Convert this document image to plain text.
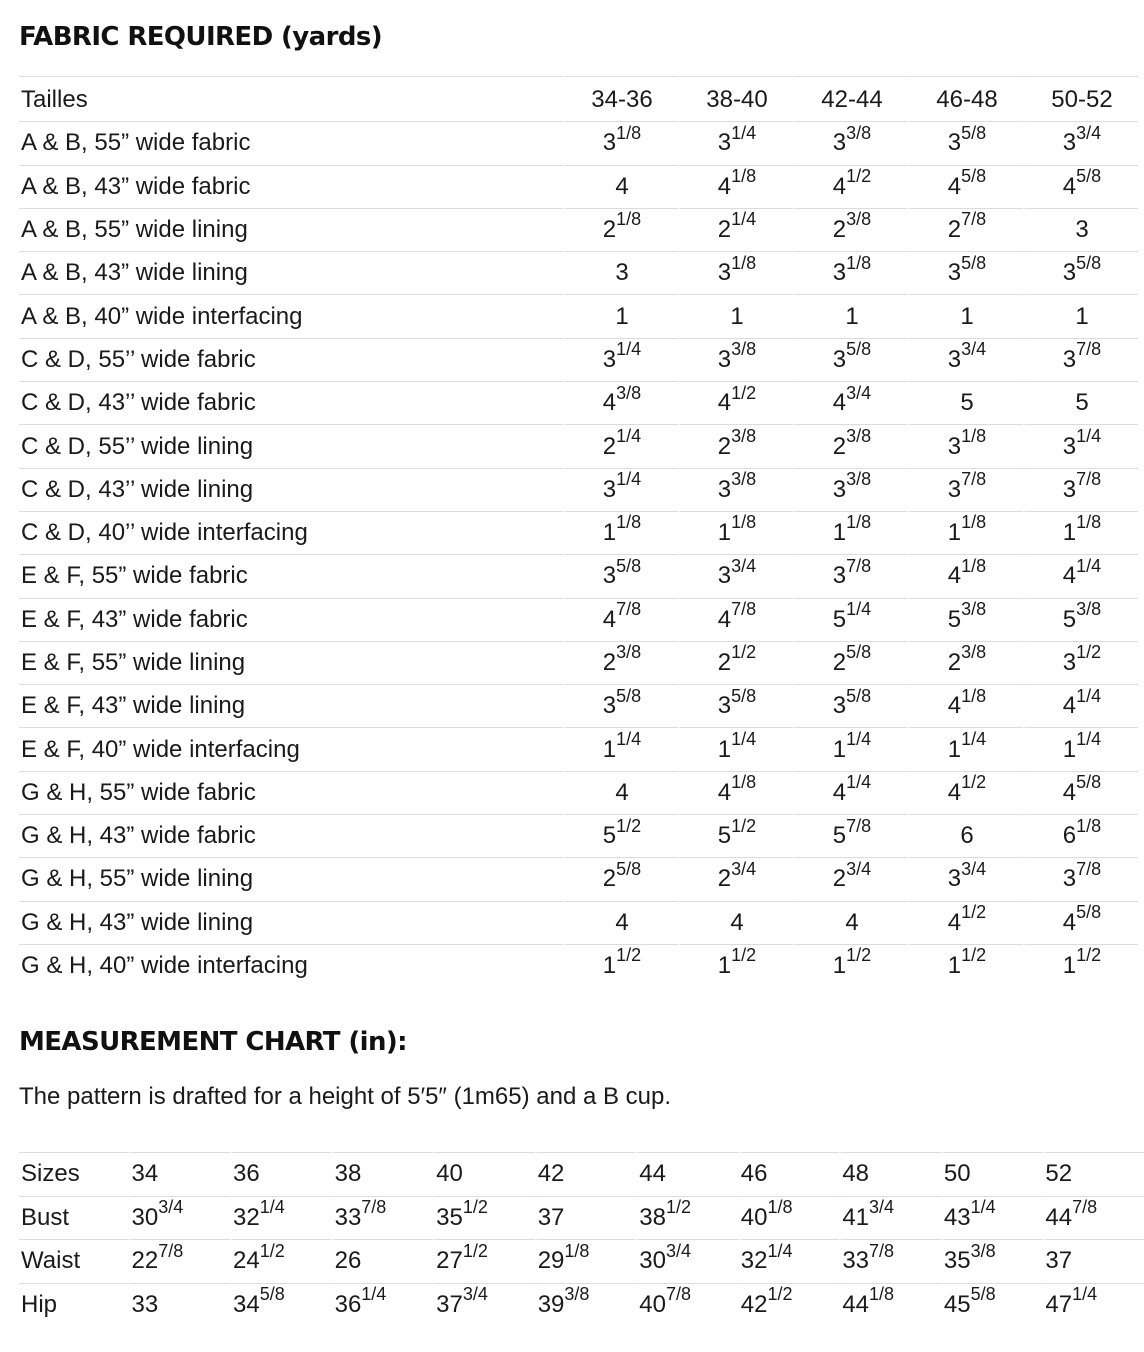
FABRIC REQUIRED (yards)
Tailles	34-36	38-40	42-44	46-48	50-52
A & B, 55” wide fabric	$3^{1/8}$	$3^{1/4}$	$3^{3/8}$	$3^{5/8}$	$3^{3/4}$
A & B, 43” wide fabric	4	$4^{1/8}$	$4^{1/2}$	$4^{5/8}$	$4^{5/8}$
A & B, 55” wide lining	$2^{1/8}$	$2^{1/4}$	$2^{3/8}$	$2^{7/8}$	3
A & B, 43” wide lining	3	$3^{1/8}$	$3^{1/8}$	$3^{5/8}$	$3^{5/8}$
A & B, 40” wide interfacing	1	1	1	1	1
C & D, 55’’ wide fabric	$3^{1/4}$	$3^{3/8}$	$3^{5/8}$	$3^{3/4}$	$3^{7/8}$
C & D, 43’’ wide fabric	$4^{3/8}$	$4^{1/2}$	$4^{3/4}$	5	5
C & D, 55’’ wide lining	$2^{1/4}$	$2^{3/8}$	$2^{3/8}$	$3^{1/8}$	$3^{1/4}$
C & D, 43’’ wide lining	$3^{1/4}$	$3^{3/8}$	$3^{3/8}$	$3^{7/8}$	$3^{7/8}$
C & D, 40’’ wide interfacing	$1^{1/8}$	$1^{1/8}$	$1^{1/8}$	$1^{1/8}$	$1^{1/8}$
E & F, 55” wide fabric	$3^{5/8}$	$3^{3/4}$	$3^{7/8}$	$4^{1/8}$	$4^{1/4}$
E & F, 43” wide fabric	$4^{7/8}$	$4^{7/8}$	$5^{1/4}$	$5^{3/8}$	$5^{3/8}$
E & F, 55” wide lining	$2^{3/8}$	$2^{1/2}$	$2^{5/8}$	$2^{3/8}$	$3^{1/2}$
E & F, 43” wide lining	$3^{5/8}$	$3^{5/8}$	$3^{5/8}$	$4^{1/8}$	$4^{1/4}$
E & F, 40” wide interfacing	$1^{1/4}$	$1^{1/4}$	$1^{1/4}$	$1^{1/4}$	$1^{1/4}$
G & H, 55” wide fabric	4	$4^{1/8}$	$4^{1/4}$	$4^{1/2}$	$4^{5/8}$
G & H, 43” wide fabric	$5^{1/2}$	$5^{1/2}$	$5^{7/8}$	6	$6^{1/8}$
G & H, 55” wide lining	$2^{5/8}$	$2^{3/4}$	$2^{3/4}$	$3^{3/4}$	$3^{7/8}$
G & H, 43” wide lining	4	4	4	$4^{1/2}$	$4^{5/8}$
G & H, 40” wide interfacing	$1^{1/2}$	$1^{1/2}$	$1^{1/2}$	$1^{1/2}$	$1^{1/2}$
MEASUREMENT CHART (in):

The pattern is drafted for a height of 5′5″ (1m65) and a B cup.

Sizes	34	36	38	40	42	44	46	48	50	52
Bust	$30^{3/4}$	$32^{1/4}$	$33^{7/8}$	$35^{1/2}$	37	$38^{1/2}$	$40^{1/8}$	$41^{3/4}$	$43^{1/4}$	$44^{7/8}$
Waist	$22^{7/8}$	$24^{1/2}$	26	$27^{1/2}$	$29^{1/8}$	$30^{3/4}$	$32^{1/4}$	$33^{7/8}$	$35^{3/8}$	37
Hip	33	$34^{5/8}$	$36^{1/4}$	$37^{3/4}$	$39^{3/8}$	$40^{7/8}$	$42^{1/2}$	$44^{1/8}$	$45^{5/8}$	$47^{1/4}$
